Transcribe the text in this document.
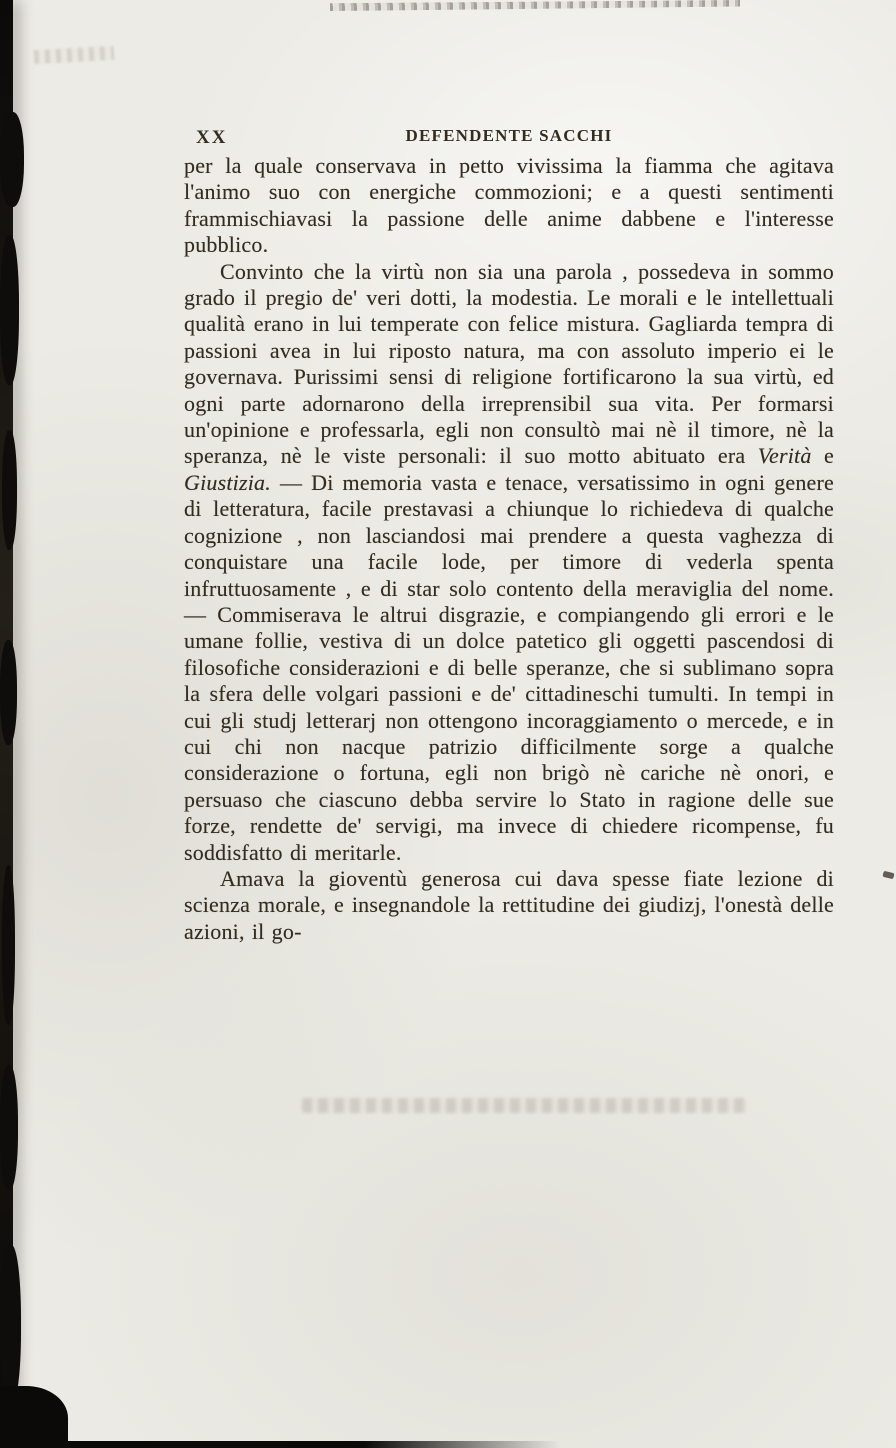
XX	DEFENDENTE SACCHI

per la quale conservava in petto vivissima la fiamma che agitava l'animo suo con energiche commozioni; e a questi sentimenti frammischiavasi la passione delle anime dabbene e l'interesse pubblico.

Convinto che la virtù non sia una parola , possedeva in sommo grado il pregio de' veri dotti, la modestia. Le morali e le intellettuali qualità erano in lui temperate con felice mistura. Gagliarda tempra di passioni avea in lui riposto natura, ma con assoluto imperio ei le governava. Purissimi sensi di religione fortificarono la sua virtù, ed ogni parte adornarono della irreprensibil sua vita. Per formarsi un'opinione e professarla, egli non consultò mai nè il timore, nè la speranza, nè le viste personali: il suo motto abituato era Verità e Giustizia. — Di memoria vasta e tenace, versatissimo in ogni genere di letteratura, facile prestavasi a chiunque lo richiedeva di qualche cognizione , non lasciandosi mai prendere a questa vaghezza di conquistare una facile lode, per timore di vederla spenta infruttuosamente , e di star solo contento della meraviglia del nome. — Commiserava le altrui disgrazie, e compiangendo gli errori e le umane follie, vestiva di un dolce patetico gli oggetti pascendosi di filosofiche considerazioni e di belle speranze, che si sublimano sopra la sfera delle volgari passioni e de' cittadineschi tumulti. In tempi in cui gli studj letterarj non ottengono incoraggiamento o mercede, e in cui chi non nacque patrizio difficilmente sorge a qualche considerazione o fortuna, egli non brigò nè cariche nè onori, e persuaso che ciascuno debba servire lo Stato in ragione delle sue forze, rendette de' servigi, ma invece di chiedere ricompense, fu soddisfatto di meritarle.

Amava la gioventù generosa cui dava spesse fiate lezione di scienza morale, e insegnandole la rettitudine dei giudizj, l'onestà delle azioni, il go-
